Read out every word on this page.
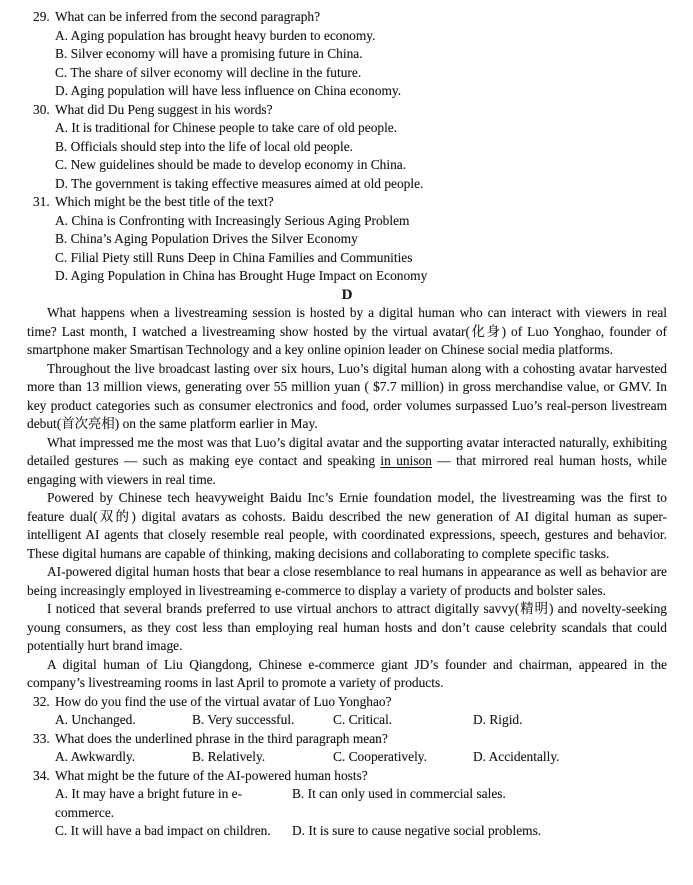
29. What can be inferred from the second paragraph?
A. Aging population has brought heavy burden to economy.
B. Silver economy will have a promising future in China.
C. The share of silver economy will decline in the future.
D. Aging population will have less influence on China economy.
30. What did Du Peng suggest in his words?
A. It is traditional for Chinese people to take care of old people.
B. Officials should step into the life of local old people.
C. New guidelines should be made to develop economy in China.
D. The government is taking effective measures aimed at old people.
31. Which might be the best title of the text?
A. China is Confronting with Increasingly Serious Aging Problem
B. China’s Aging Population Drives the Silver Economy
C. Filial Piety still Runs Deep in China Families and Communities
D. Aging Population in China has Brought Huge Impact on Economy
D

What happens when a livestreaming session is hosted by a digital human who can interact with viewers in real time? Last month, I watched a livestreaming show hosted by the virtual avatar(化身) of Luo Yonghao, founder of smartphone maker Smartisan Technology and a key online opinion leader on Chinese social media platforms.

Throughout the live broadcast lasting over six hours, Luo’s digital human along with a cohosting avatar harvested more than 13 million views, generating over 55 million yuan ( $7.7 million) in gross merchandise value, or GMV. In key product categories such as consumer electronics and food, order volumes surpassed Luo’s real-person livestream debut(首次亮相) on the same platform earlier in May.

What impressed me the most was that Luo’s digital avatar and the supporting avatar interacted naturally, exhibiting detailed gestures — such as making eye contact and speaking in unison — that mirrored real human hosts, while engaging with viewers in real time.

Powered by Chinese tech heavyweight Baidu Inc’s Ernie foundation model, the livestreaming was the first to feature dual(双的) digital avatars as cohosts. Baidu described the new generation of AI digital human as super-intelligent AI agents that closely resemble real people, with coordinated expressions, speech, gestures and behavior. These digital humans are capable of thinking, making decisions and collaborating to complete specific tasks.

AI-powered digital human hosts that bear a close resemblance to real humans in appearance as well as behavior are being increasingly employed in livestreaming e-commerce to display a variety of products and bolster sales.

I noticed that several brands preferred to use virtual anchors to attract digitally savvy(精明) and novelty-seeking young consumers, as they cost less than employing real human hosts and don’t cause celebrity scandals that could potentially hurt brand image.

A digital human of Liu Qiangdong, Chinese e-commerce giant JD’s founder and chairman, appeared in the company’s livestreaming rooms in last April to promote a variety of products.

32. How do you find the use of the virtual avatar of Luo Yonghao?
A. Unchanged.	B. Very successful.	C. Critical.	D. Rigid.
33. What does the underlined phrase in the third paragraph mean?
A. Awkwardly.	B. Relatively.	C. Cooperatively.	D. Accidentally.
34. What might be the future of the AI-powered human hosts?
A. It may have a bright future in e-commerce.
B. It can only used in commercial sales.
C. It will have a bad impact on children.	D. It is sure to cause negative social problems.
